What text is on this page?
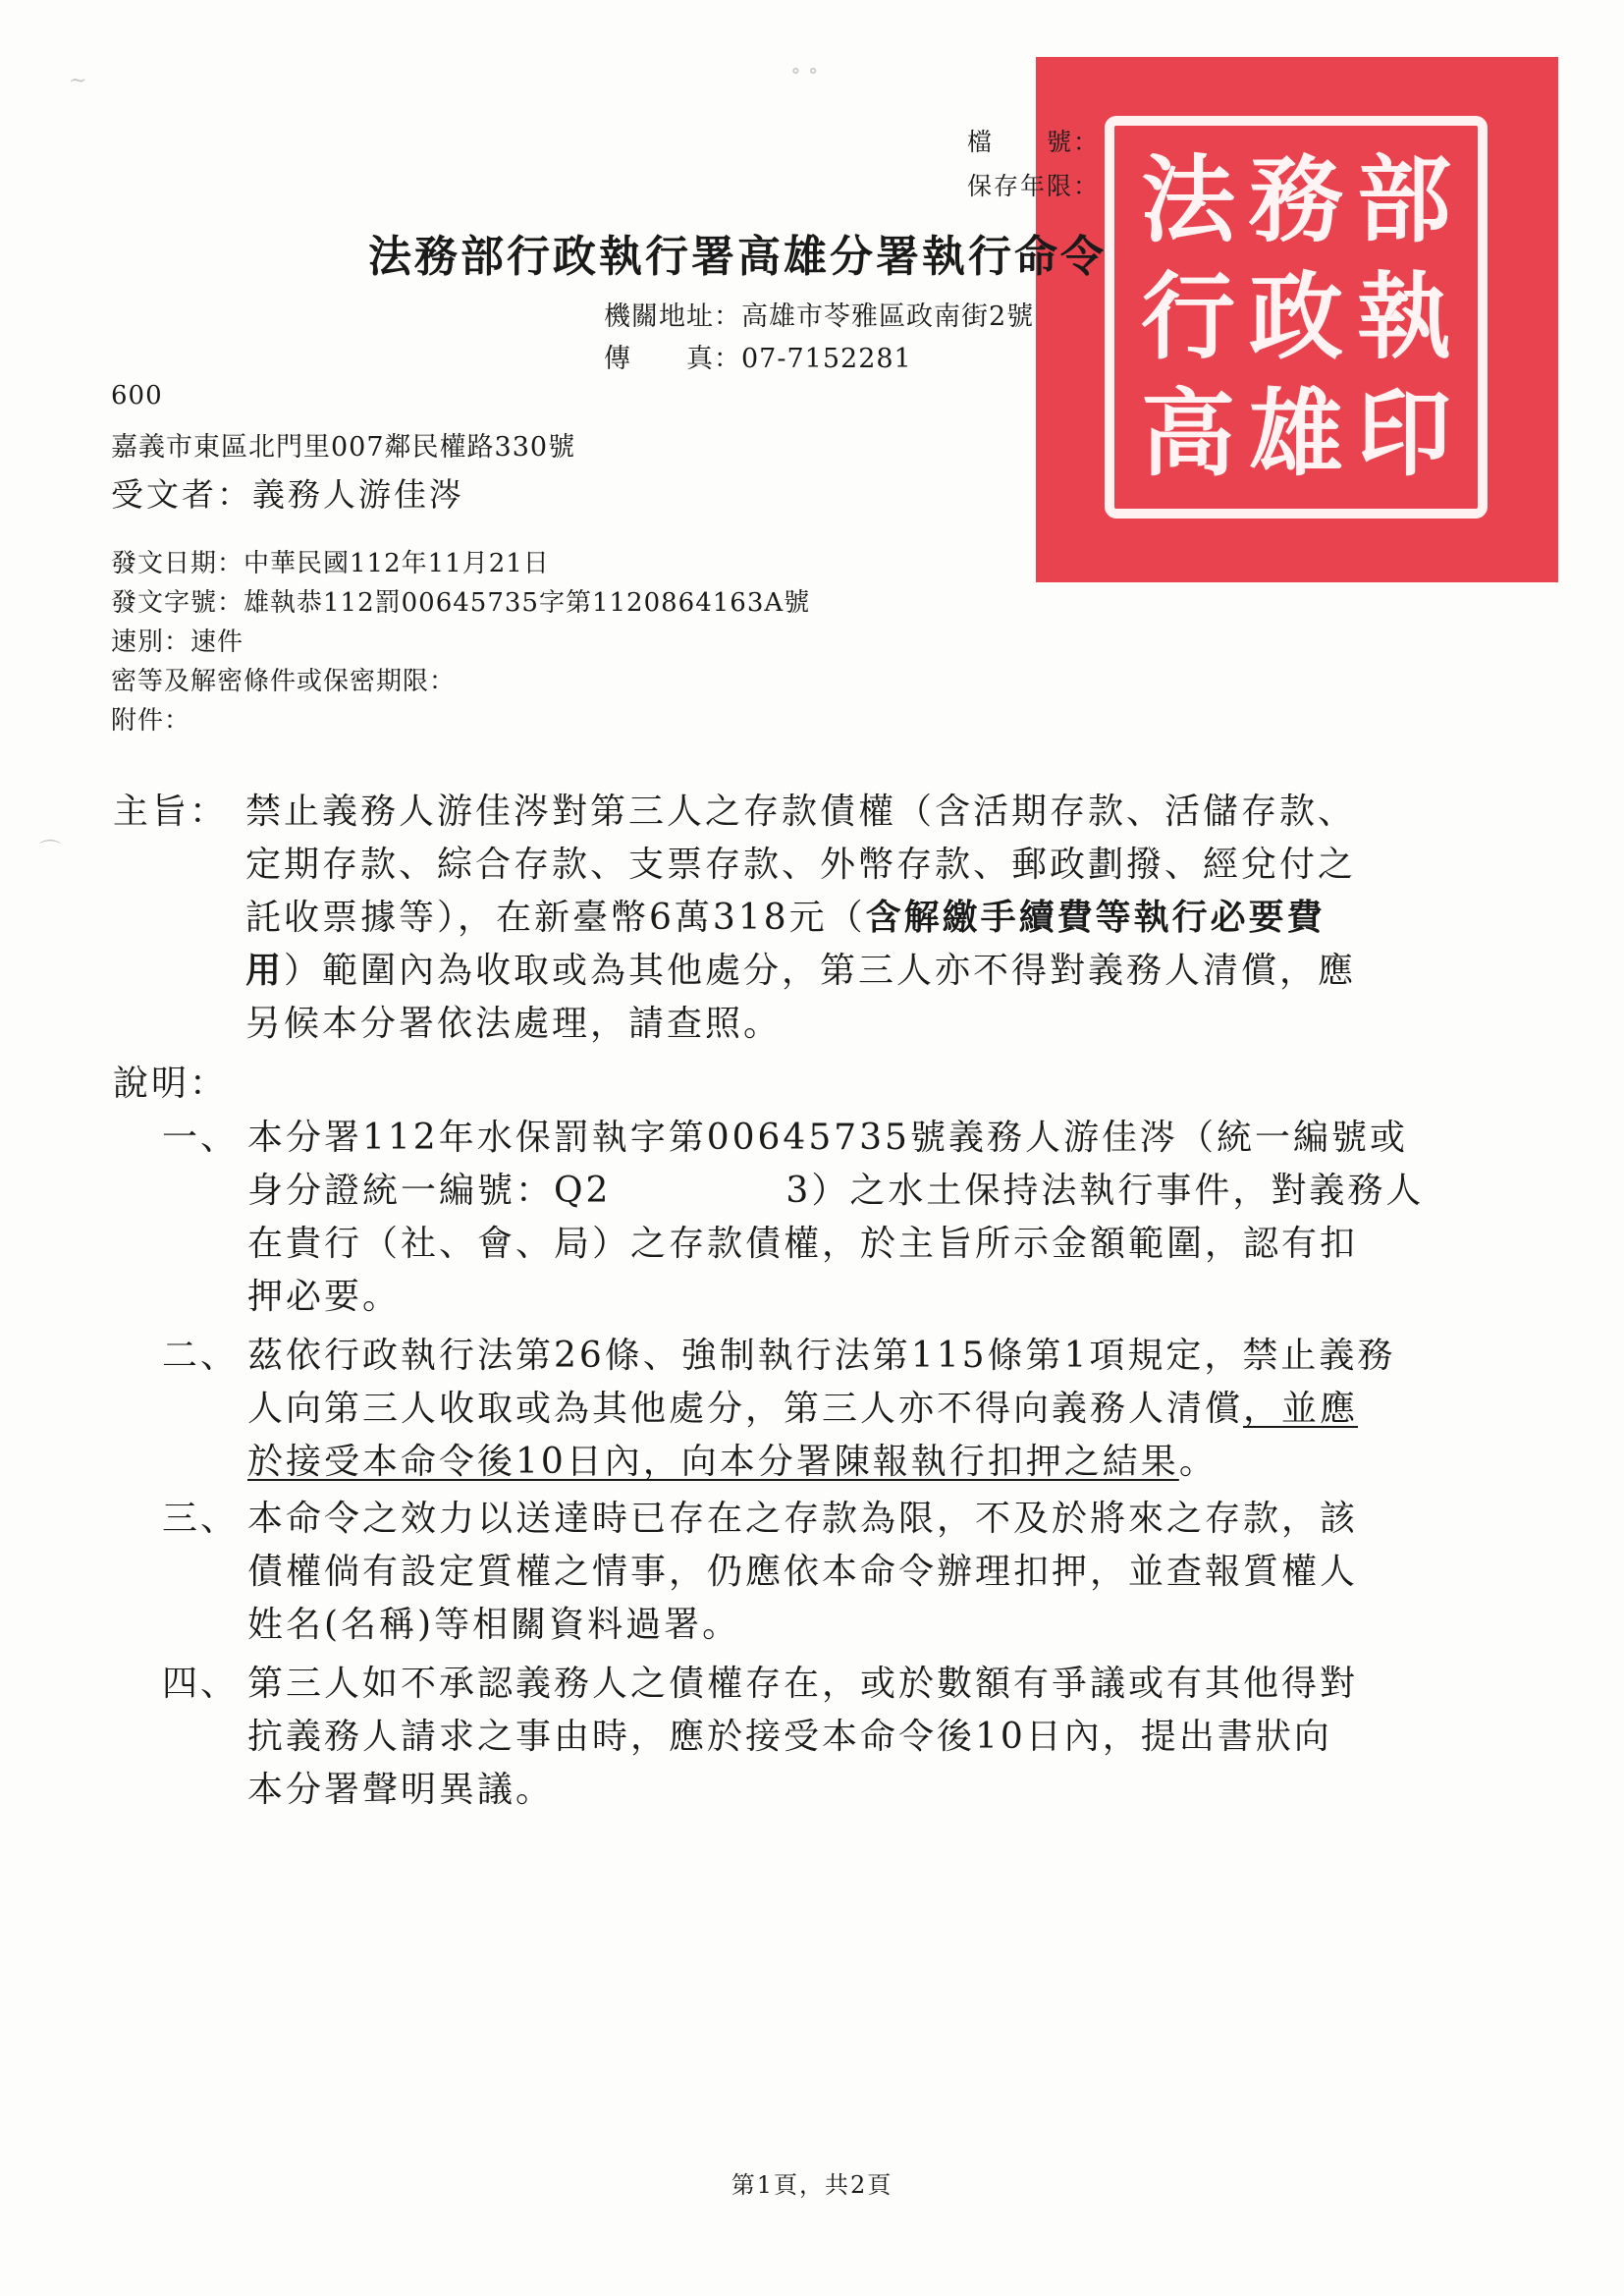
法 務 部
行 政 執
高 雄 印
~	∘ ∘
⌒
檔　　號：
保存年限：
法務部行政執行署高雄分署執行命令
機關地址：高雄市苓雅區政南街2號
傳　　真：07-7152281
600
嘉義市東區北門里007鄰民權路330號
受文者：義務人游佳涔
發文日期：中華民國112年11月21日
發文字號：雄執恭112罰00645735字第1120864163A號
速別：速件
密等及解密條件或保密期限：
附件：
主旨： 禁止義務人游佳涔對第三人之存款債權（含活期存款、活儲存款、
定期存款、綜合存款、支票存款、外幣存款、郵政劃撥、經兌付之
託收票據等），在新臺幣6萬318元（含解繳手續費等執行必要費
用）範圍內為收取或為其他處分，第三人亦不得對義務人清償，應
另候本分署依法處理，請查照。
說明：
一、 本分署112年水保罰執字第00645735號義務人游佳涔（統一編號或
身分證統一編號：Q2	3）之水土保持法執行事件，對義務人
在貴行（社、會、局）之存款債權，於主旨所示金額範圍，認有扣
押必要。
二、 茲依行政執行法第26條、強制執行法第115條第1項規定，禁止義務
人向第三人收取或為其他處分，第三人亦不得向義務人清償，並應
於接受本命令後10日內，向本分署陳報執行扣押之結果。
三、 本命令之效力以送達時已存在之存款為限，不及於將來之存款，該
債權倘有設定質權之情事，仍應依本命令辦理扣押，並查報質權人
姓名(名稱)等相關資料過署。
四、 第三人如不承認義務人之債權存在，或於數額有爭議或有其他得對
抗義務人請求之事由時，應於接受本命令後10日內，提出書狀向
本分署聲明異議。
第1頁，共2頁
